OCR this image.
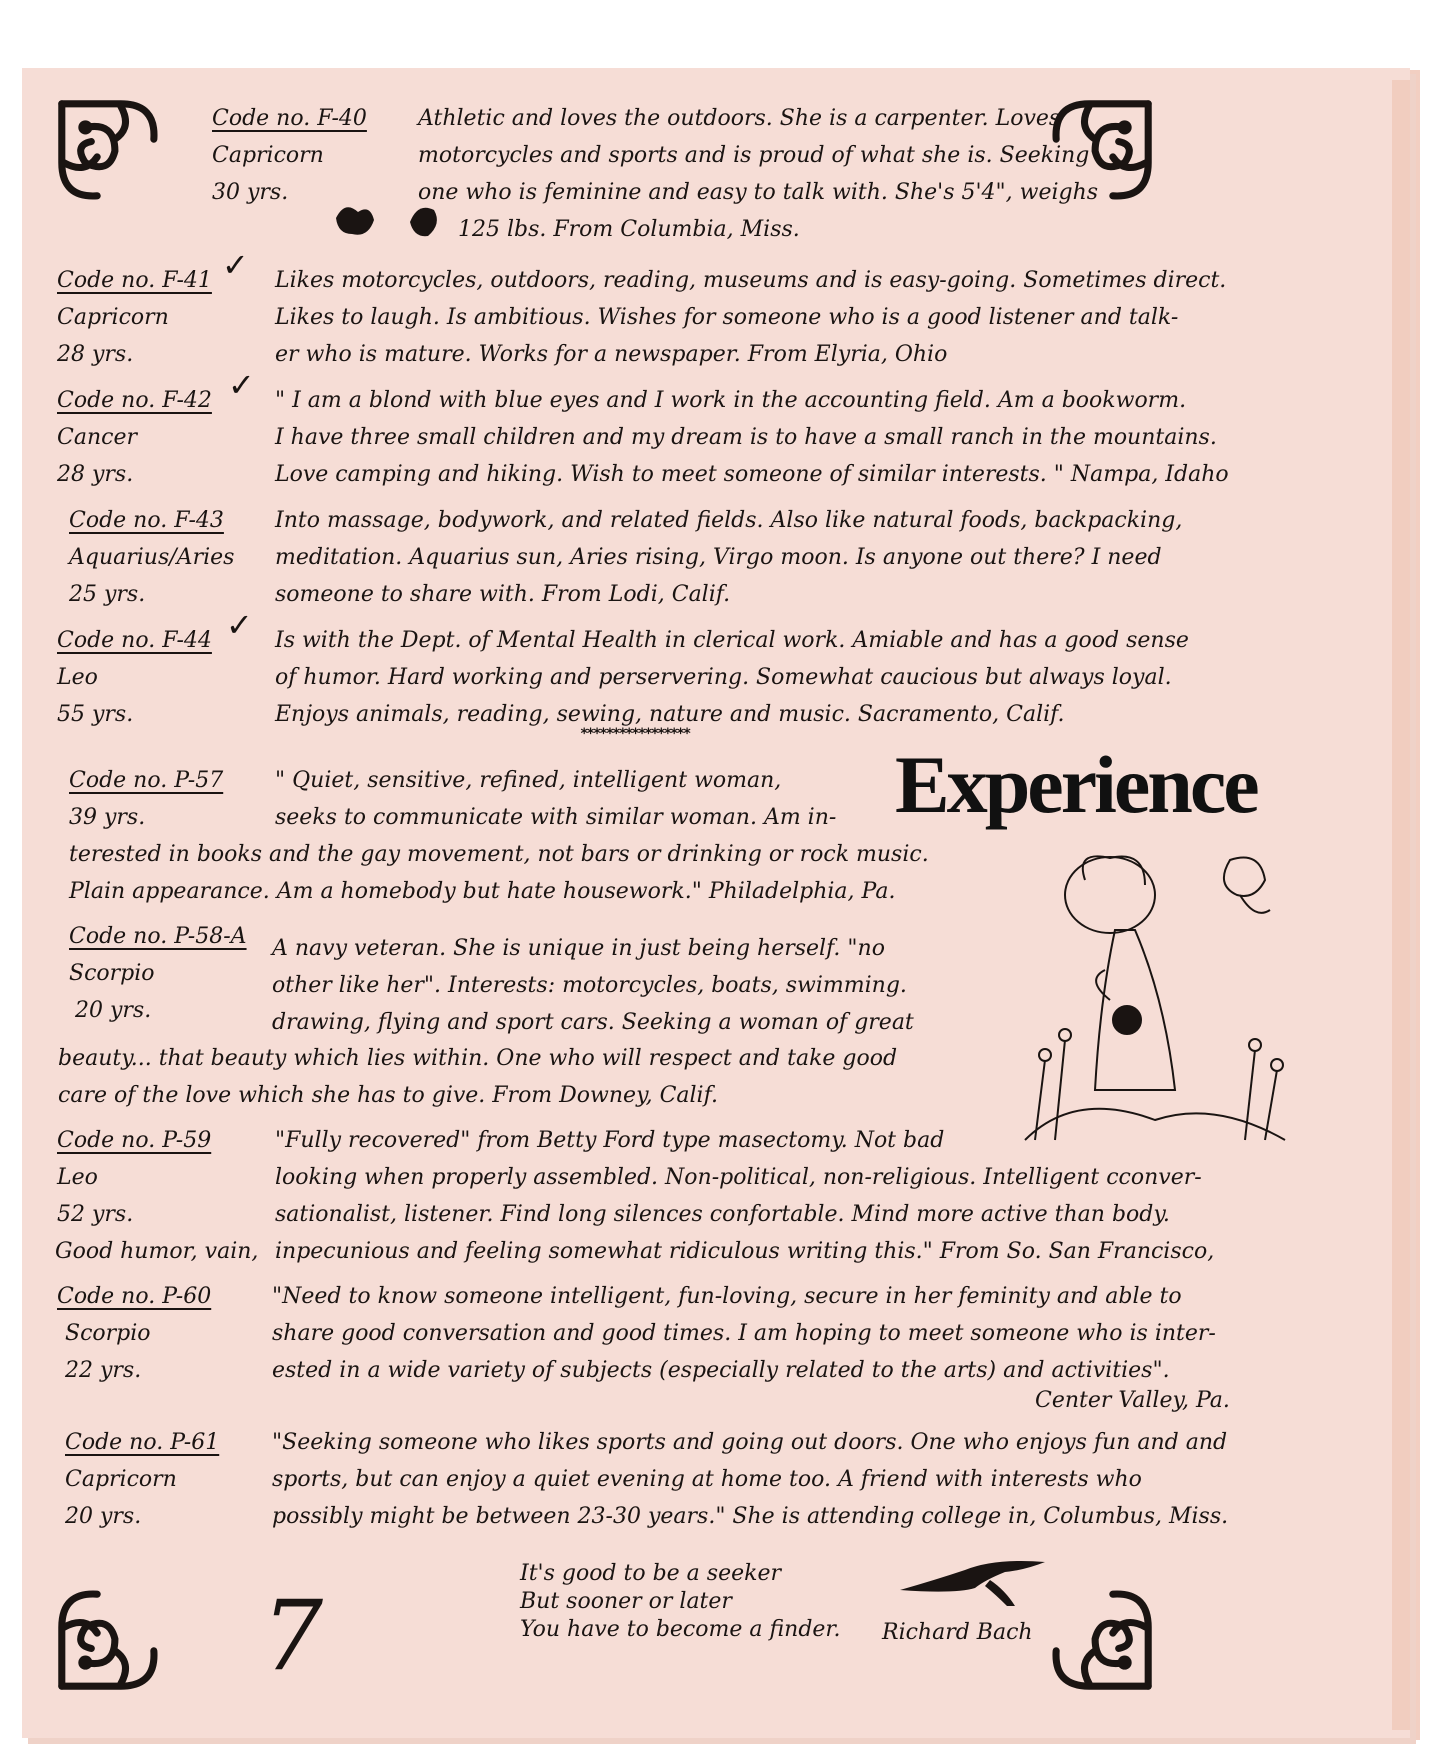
Code no. F-40
Capricorn
30 yrs.
Athletic and loves the outdoors. She is a carpenter. Loves
motorcycles and sports and is proud of what she is. Seeking
one who is feminine and easy to talk with. She's 5'4", weighs
125 lbs. From Columbia, Miss.
Code no. F-41
Capricorn
28 yrs.
✓ Likes motorcycles, outdoors, reading, museums and is easy-going. Sometimes direct.
Likes to laugh. Is ambitious. Wishes for someone who is a good listener and talk-
er who is mature. Works for a newspaper. From Elyria, Ohio
Code no. F-42
Cancer
28 yrs.
✓ " I am a blond with blue eyes and I work in the accounting field. Am a bookworm.
I have three small children and my dream is to have a small ranch in the mountains.
Love camping and hiking. Wish to meet someone of similar interests. " Nampa, Idaho
Code no. F-43
Aquarius/Aries
25 yrs.
Into massage, bodywork, and related fields. Also like natural foods, backpacking,
meditation. Aquarius sun, Aries rising, Virgo moon. Is anyone out there? I need
someone to share with. From Lodi, Calif.
Code no. F-44
Leo
55 yrs.
✓ Is with the Dept. of Mental Health in clerical work. Amiable and has a good sense
of humor. Hard working and perservering. Somewhat caucious but always loyal.
Enjoys animals, reading, sewing, nature and music. Sacramento, Calif.
*****************
Experience
Code no. P-57
39 yrs.
" Quiet, sensitive, refined, intelligent woman,
seeks to communicate with similar woman. Am in-
terested in books and the gay movement, not bars or drinking or rock music.
Plain appearance. Am a homebody but hate housework." Philadelphia, Pa.
Code no. P-58-A
Scorpio
20 yrs.
A navy veteran. She is unique in just being herself. "no
other like her". Interests: motorcycles, boats, swimming.
drawing, flying and sport cars. Seeking a woman of great
beauty... that beauty which lies within. One who will respect and take good
care of the love which she has to give. From Downey, Calif.
Code no. P-59
Leo
52 yrs.
Good humor, vain,
"Fully recovered" from Betty Ford type masectomy. Not bad
looking when properly assembled. Non-political, non-religious. Intelligent cconver-
sationalist, listener. Find long silences confortable. Mind more active than body.
inpecunious and feeling somewhat ridiculous writing this." From So. San Francisco,
Code no. P-60
Scorpio
22 yrs.
"Need to know someone intelligent, fun-loving, secure in her feminity and able to
share good conversation and good times. I am hoping to meet someone who is inter-
ested in a wide variety of subjects (especially related to the arts) and activities".
Center Valley, Pa.
Code no. P-61
Capricorn
20 yrs.
"Seeking someone who likes sports and going out doors. One who enjoys fun and and
sports, but can enjoy a quiet evening at home too. A friend with interests who
possibly might be between 23-30 years." She is attending college in, Columbus, Miss.
7
It's good to be a seeker
But sooner or later
You have to become a finder. Richard Bach
